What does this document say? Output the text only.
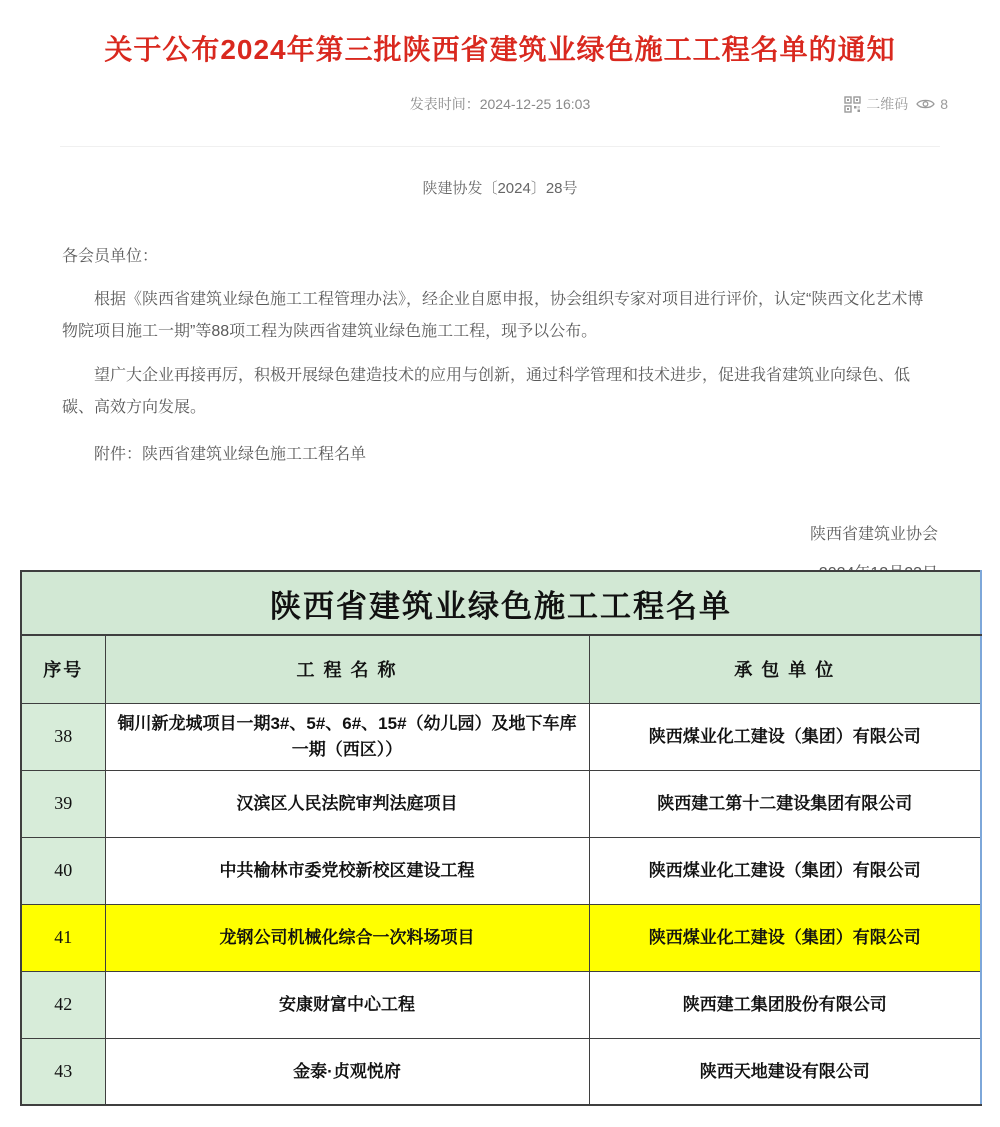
关于公布2024年第三批陕西省建筑业绿色施工工程名单的通知
发表时间：2024-12-25 16:03	二维码 8
陕建协发〔2024〕28号
各会员单位：

根据《陕西省建筑业绿色施工工程管理办法》，经企业自愿申报，协会组织专家对项目进行评价，认定“陕西文化艺术博物院项目施工一期”等88项工程为陕西省建筑业绿色施工工程，现予以公布。

望广大企业再接再厉，积极开展绿色建造技术的应用与创新，通过科学管理和技术进步，促进我省建筑业向绿色、低碳、高效方向发展。

附件：陕西省建筑业绿色施工工程名单
陕西省建筑业协会
陕西省建筑业绿色施工工程名单		
序号	工 程 名 称	承 包 单 位
38	铜川新龙城项目一期3#、5#、6#、15#（幼儿园）及地下车库一期（西区））	陕西煤业化工建设（集团）有限公司
39	汉滨区人民法院审判法庭项目	陕西建工第十二建设集团有限公司
40	中共榆林市委党校新校区建设工程	陕西煤业化工建设（集团）有限公司
41	龙钢公司机械化综合一次料场项目	陕西煤业化工建设（集团）有限公司
42	安康财富中心工程	陕西建工集团股份有限公司
43	金泰·贞观悦府	陕西天地建设有限公司
